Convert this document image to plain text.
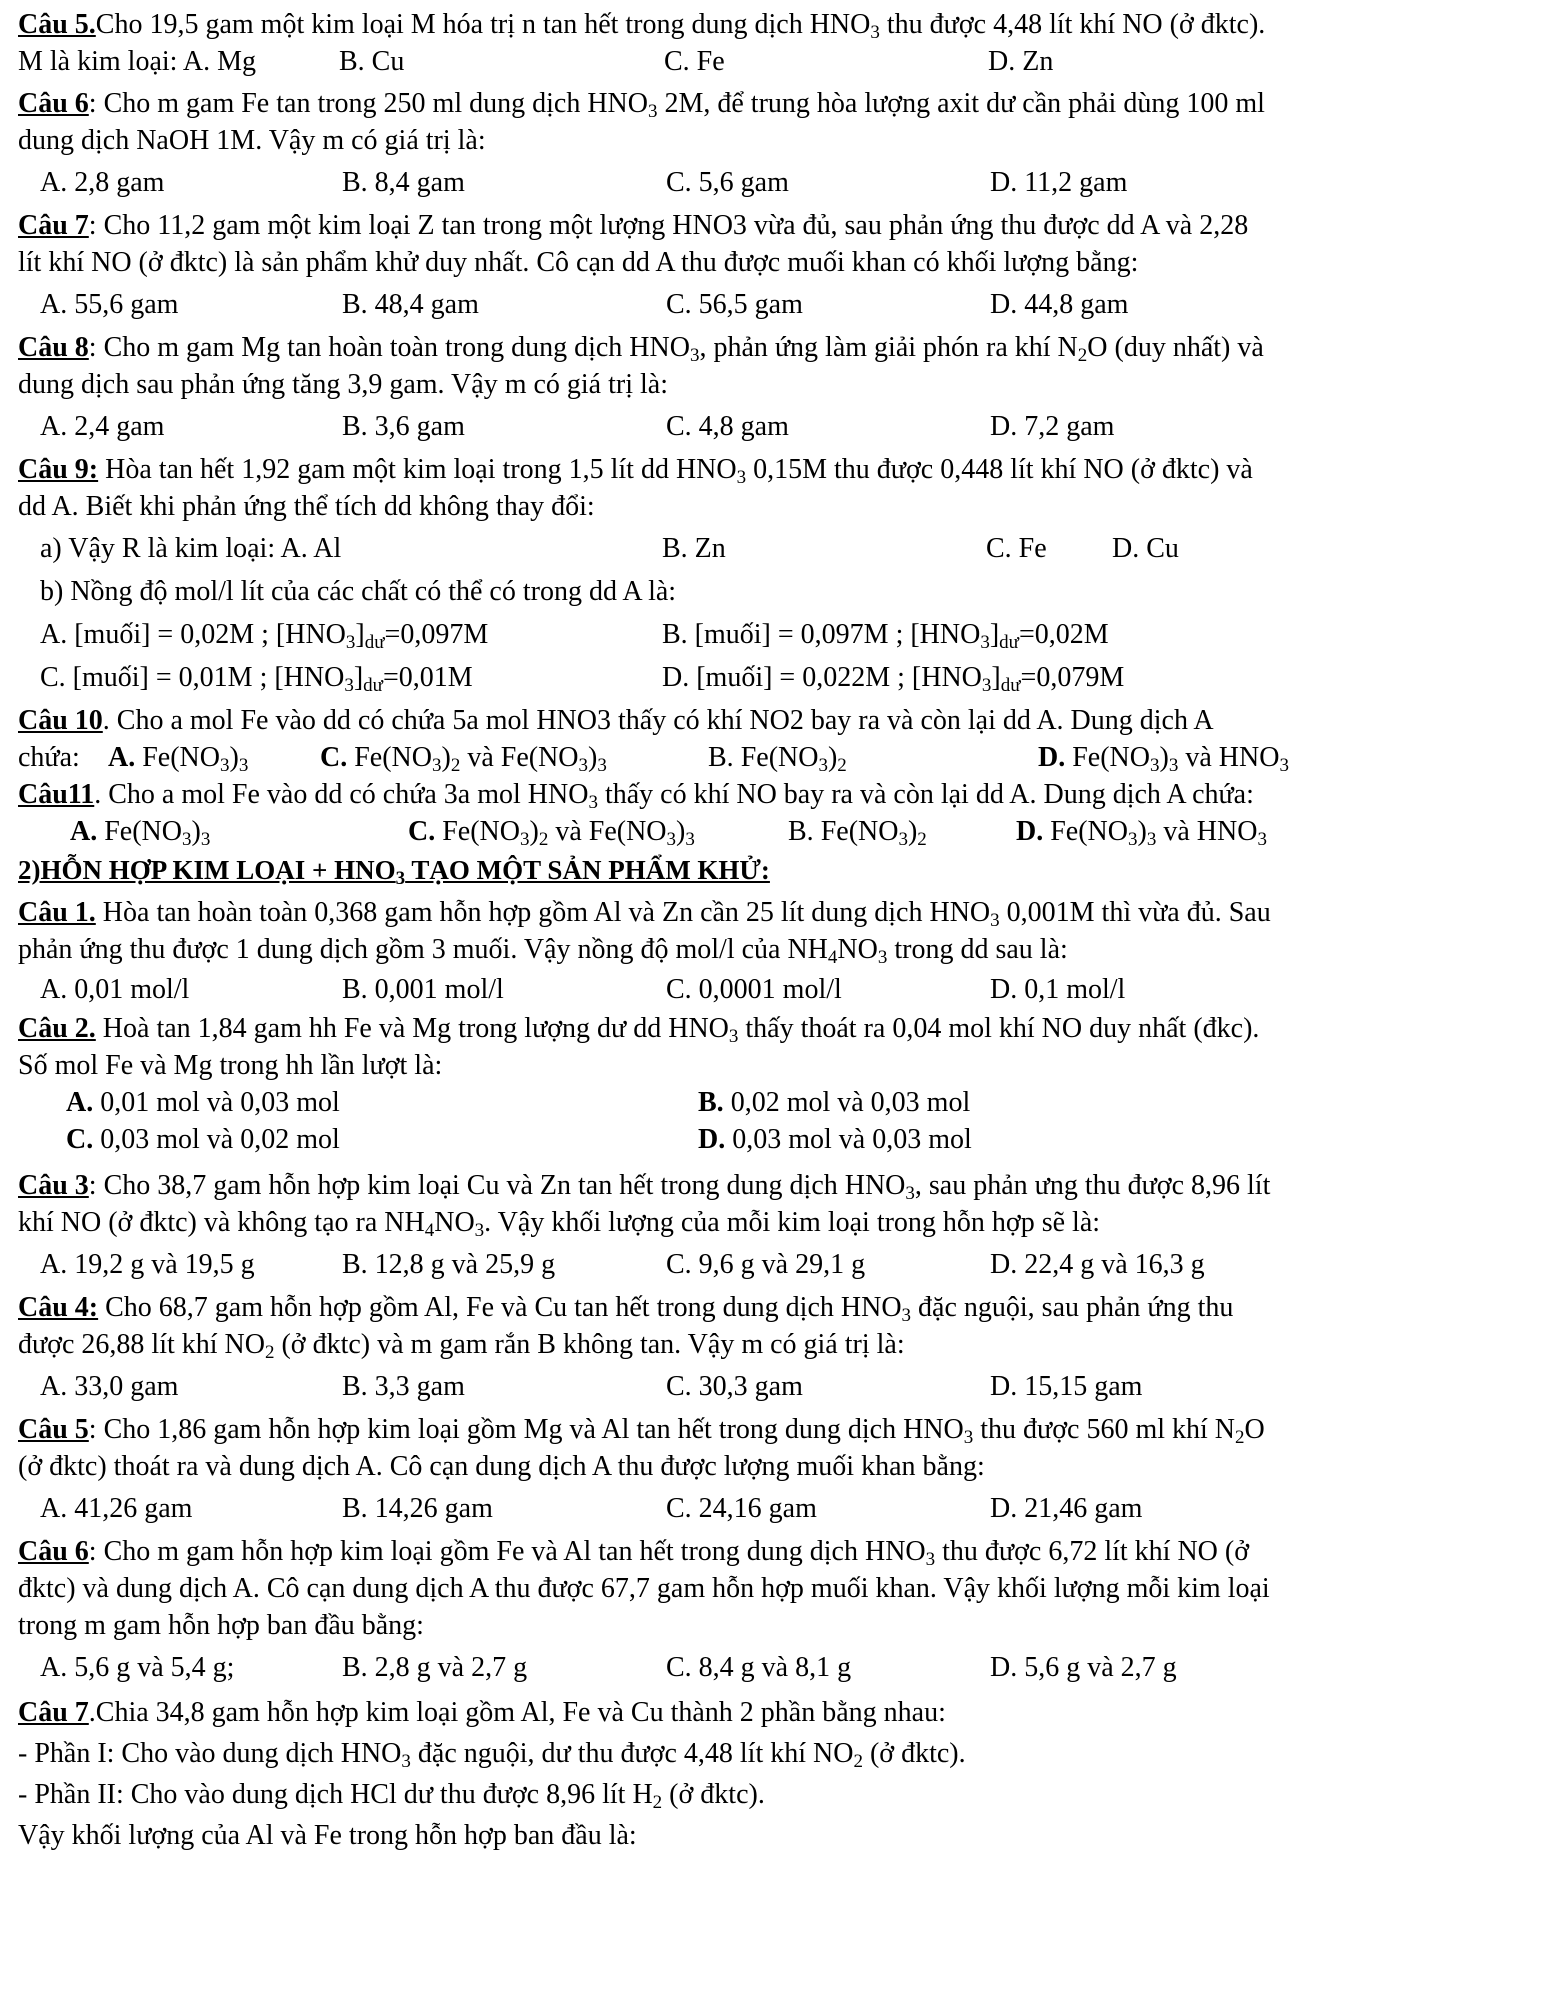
Câu 5.Cho 19,5 gam một kim loại M hóa trị n tan hết trong dung dịch $HNO_3$ thu được 4,48 lít khí NO (ở đktc).
M là kim loại: A. Mg	B. Cu	C. Fe	D. Zn
Câu 6: Cho m gam Fe tan trong 250 ml dung dịch $HNO_3$ 2M, để trung hòa lượng axit dư cần phải dùng 100 ml
dung dịch NaOH 1M. Vậy m có giá trị là:
A. 2,8 gam	B. 8,4 gam	C. 5,6 gam	D. 11,2 gam
Câu 7: Cho 11,2 gam một kim loại Z tan trong một lượng HNO3 vừa đủ, sau phản ứng thu được dd A và 2,28
lít khí NO (ở đktc) là sản phẩm khử duy nhất. Cô cạn dd A thu được muối khan có khối lượng bằng:
A. 55,6 gam	B. 48,4 gam	C. 56,5 gam	D. 44,8 gam
Câu 8: Cho m gam Mg tan hoàn toàn trong dung dịch $HNO_3$, phản ứng làm giải phón ra khí $N_2O$ (duy nhất) và
dung dịch sau phản ứng tăng 3,9 gam. Vậy m có giá trị là:
A. 2,4 gam	B. 3,6 gam	C. 4,8 gam	D. 7,2 gam
Câu 9: Hòa tan hết 1,92 gam một kim loại trong 1,5 lít dd $HNO_3$ 0,15M thu được 0,448 lít khí NO (ở đktc) và
dd A. Biết khi phản ứng thể tích dd không thay đổi:
a) Vậy R là kim loại: A. Al	B. Zn	C. Fe	D. Cu
b) Nồng độ mol/l lít của các chất có thể có trong dd A là:
A. [muối] = 0,02M ; $[HNO_3]_{dư}=0,097M$	B. [muối] = 0,097M ; $[HNO_3]_{dư}=0,02M$
C. [muối] = 0,01M ; $[HNO_3]_{dư}=0,01M$	D. [muối] = 0,022M ; $[HNO_3]_{dư}=0,079M$
Câu 10. Cho a mol Fe vào dd có chứa 5a mol HNO3 thấy có khí NO2 bay ra và còn lại dd A. Dung dịch A
chứa:A. $Fe(NO_3)_3$	C. $Fe(NO_3)_2$ và $Fe(NO_3)_3$	B. $Fe(NO_3)_2$	D. $Fe(NO_3)_3$ và $HNO_3$
Câu11. Cho a mol Fe vào dd có chứa 3a mol $HNO_3$ thấy có khí NO bay ra và còn lại dd A. Dung dịch A chứa:
A. $Fe(NO_3)_3$	C. $Fe(NO_3)_2$ và $Fe(NO_3)_3$	B. $Fe(NO_3)_2$	D. $Fe(NO_3)_3$ và $HNO_3$
2)HỖN HỢP KIM LOẠI + $HNO_3$ TẠO MỘT SẢN PHẨM KHỬ:
Câu 1. Hòa tan hoàn toàn 0,368 gam hỗn hợp gồm Al và Zn cần 25 lít dung dịch $HNO_3$ 0,001M thì vừa đủ. Sau
phản ứng thu được 1 dung dịch gồm 3 muối. Vậy nồng độ mol/l của $NH_4NO_3$ trong dd sau là:
A. 0,01 mol/l	B. 0,001 mol/l	C. 0,0001 mol/l	D. 0,1 mol/l
Câu 2. Hoà tan 1,84 gam hh Fe và Mg trong lượng dư dd $HNO_3$ thấy thoát ra 0,04 mol khí NO duy nhất (đkc).
Số mol Fe và Mg trong hh lần lượt là:
A. 0,01 mol và 0,03 mol	B. 0,02 mol và 0,03 mol
C. 0,03 mol và 0,02 mol	D. 0,03 mol và 0,03 mol
Câu 3: Cho 38,7 gam hỗn hợp kim loại Cu và Zn tan hết trong dung dịch $HNO_3$, sau phản ưng thu được 8,96 lít
khí NO (ở đktc) và không tạo ra $NH_4NO_3$. Vậy khối lượng của mỗi kim loại trong hỗn hợp sẽ là:
A. 19,2 g và 19,5 g	B. 12,8 g và 25,9 g	C. 9,6 g và 29,1 g	D. 22,4 g và 16,3 g
Câu 4: Cho 68,7 gam hỗn hợp gồm Al, Fe và Cu tan hết trong dung dịch $HNO_3$ đặc nguội, sau phản ứng thu
được 26,88 lít khí $NO_2$ (ở đktc) và m gam rắn B không tan. Vậy m có giá trị là:
A. 33,0 gam	B. 3,3 gam	C. 30,3 gam	D. 15,15 gam
Câu 5: Cho 1,86 gam hỗn hợp kim loại gồm Mg và Al tan hết trong dung dịch $HNO_3$ thu được 560 ml khí $N_2O$
(ở đktc) thoát ra và dung dịch A. Cô cạn dung dịch A thu được lượng muối khan bằng:
A. 41,26 gam	B. 14,26 gam	C. 24,16 gam	D. 21,46 gam
Câu 6: Cho m gam hỗn hợp kim loại gồm Fe và Al tan hết trong dung dịch $HNO_3$ thu được 6,72 lít khí NO (ở
đktc) và dung dịch A. Cô cạn dung dịch A thu được 67,7 gam hỗn hợp muối khan. Vậy khối lượng mỗi kim loại
trong m gam hỗn hợp ban đầu bằng:
A. 5,6 g và 5,4 g;	B. 2,8 g và 2,7 g	C. 8,4 g và 8,1 g	D. 5,6 g và 2,7 g
Câu 7.Chia 34,8 gam hỗn hợp kim loại gồm Al, Fe và Cu thành 2 phần bằng nhau:
- Phần I: Cho vào dung dịch $HNO_3$ đặc nguội, dư thu được 4,48 lít khí $NO_2$ (ở đktc).
- Phần II: Cho vào dung dịch HCl dư thu được 8,96 lít $H_2$ (ở đktc).
Vậy khối lượng của Al và Fe trong hỗn hợp ban đầu là:
